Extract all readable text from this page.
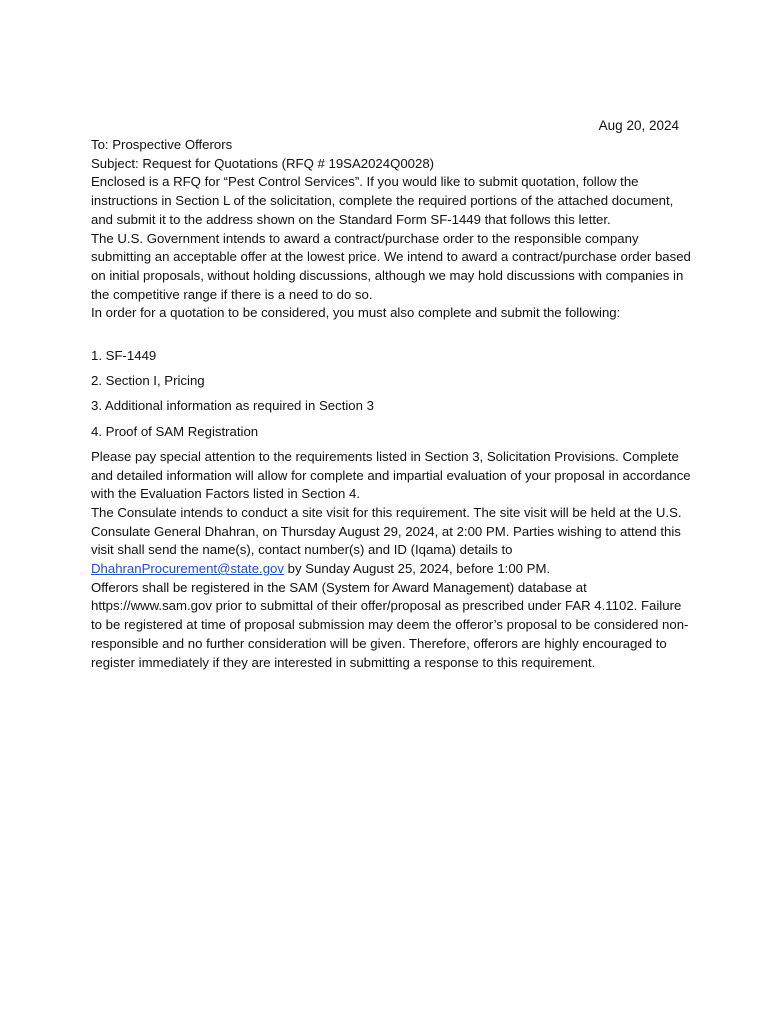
Aug 20, 2024

To: Prospective Offerors

Subject: Request for Quotations (RFQ # 19SA2024Q0028)

Enclosed is a RFQ for “Pest Control Services”. If you would like to submit quotation, follow the instructions in Section L of the solicitation, complete the required portions of the attached document, and submit it to the address shown on the Standard Form SF-1449 that follows this letter.

The U.S. Government intends to award a contract/purchase order to the responsible company submitting an acceptable offer at the lowest price. We intend to award a contract/purchase order based on initial proposals, without holding discussions, although we may hold discussions with companies in the competitive range if there is a need to do so.

In order for a quotation to be considered, you must also complete and submit the following:

1. SF-1449
2. Section I, Pricing
3. Additional information as required in Section 3
4. Proof of SAM Registration

Please pay special attention to the requirements listed in Section 3, Solicitation Provisions. Complete and detailed information will allow for complete and impartial evaluation of your proposal in accordance with the Evaluation Factors listed in Section 4.

The Consulate intends to conduct a site visit for this requirement. The site visit will be held at the U.S. Consulate General Dhahran, on Thursday August 29, 2024, at 2:00 PM. Parties wishing to attend this visit shall send the name(s), contact number(s) and ID (Iqama) details to DhahranProcurement@state.gov by Sunday August 25, 2024, before 1:00 PM.

Offerors shall be registered in the SAM (System for Award Management) database at https://www.sam.gov prior to submittal of their offer/proposal as prescribed under FAR 4.1102. Failure to be registered at time of proposal submission may deem the offeror’s proposal to be considered non-responsible and no further consideration will be given. Therefore, offerors are highly encouraged to register immediately if they are interested in submitting a response to this requirement.
